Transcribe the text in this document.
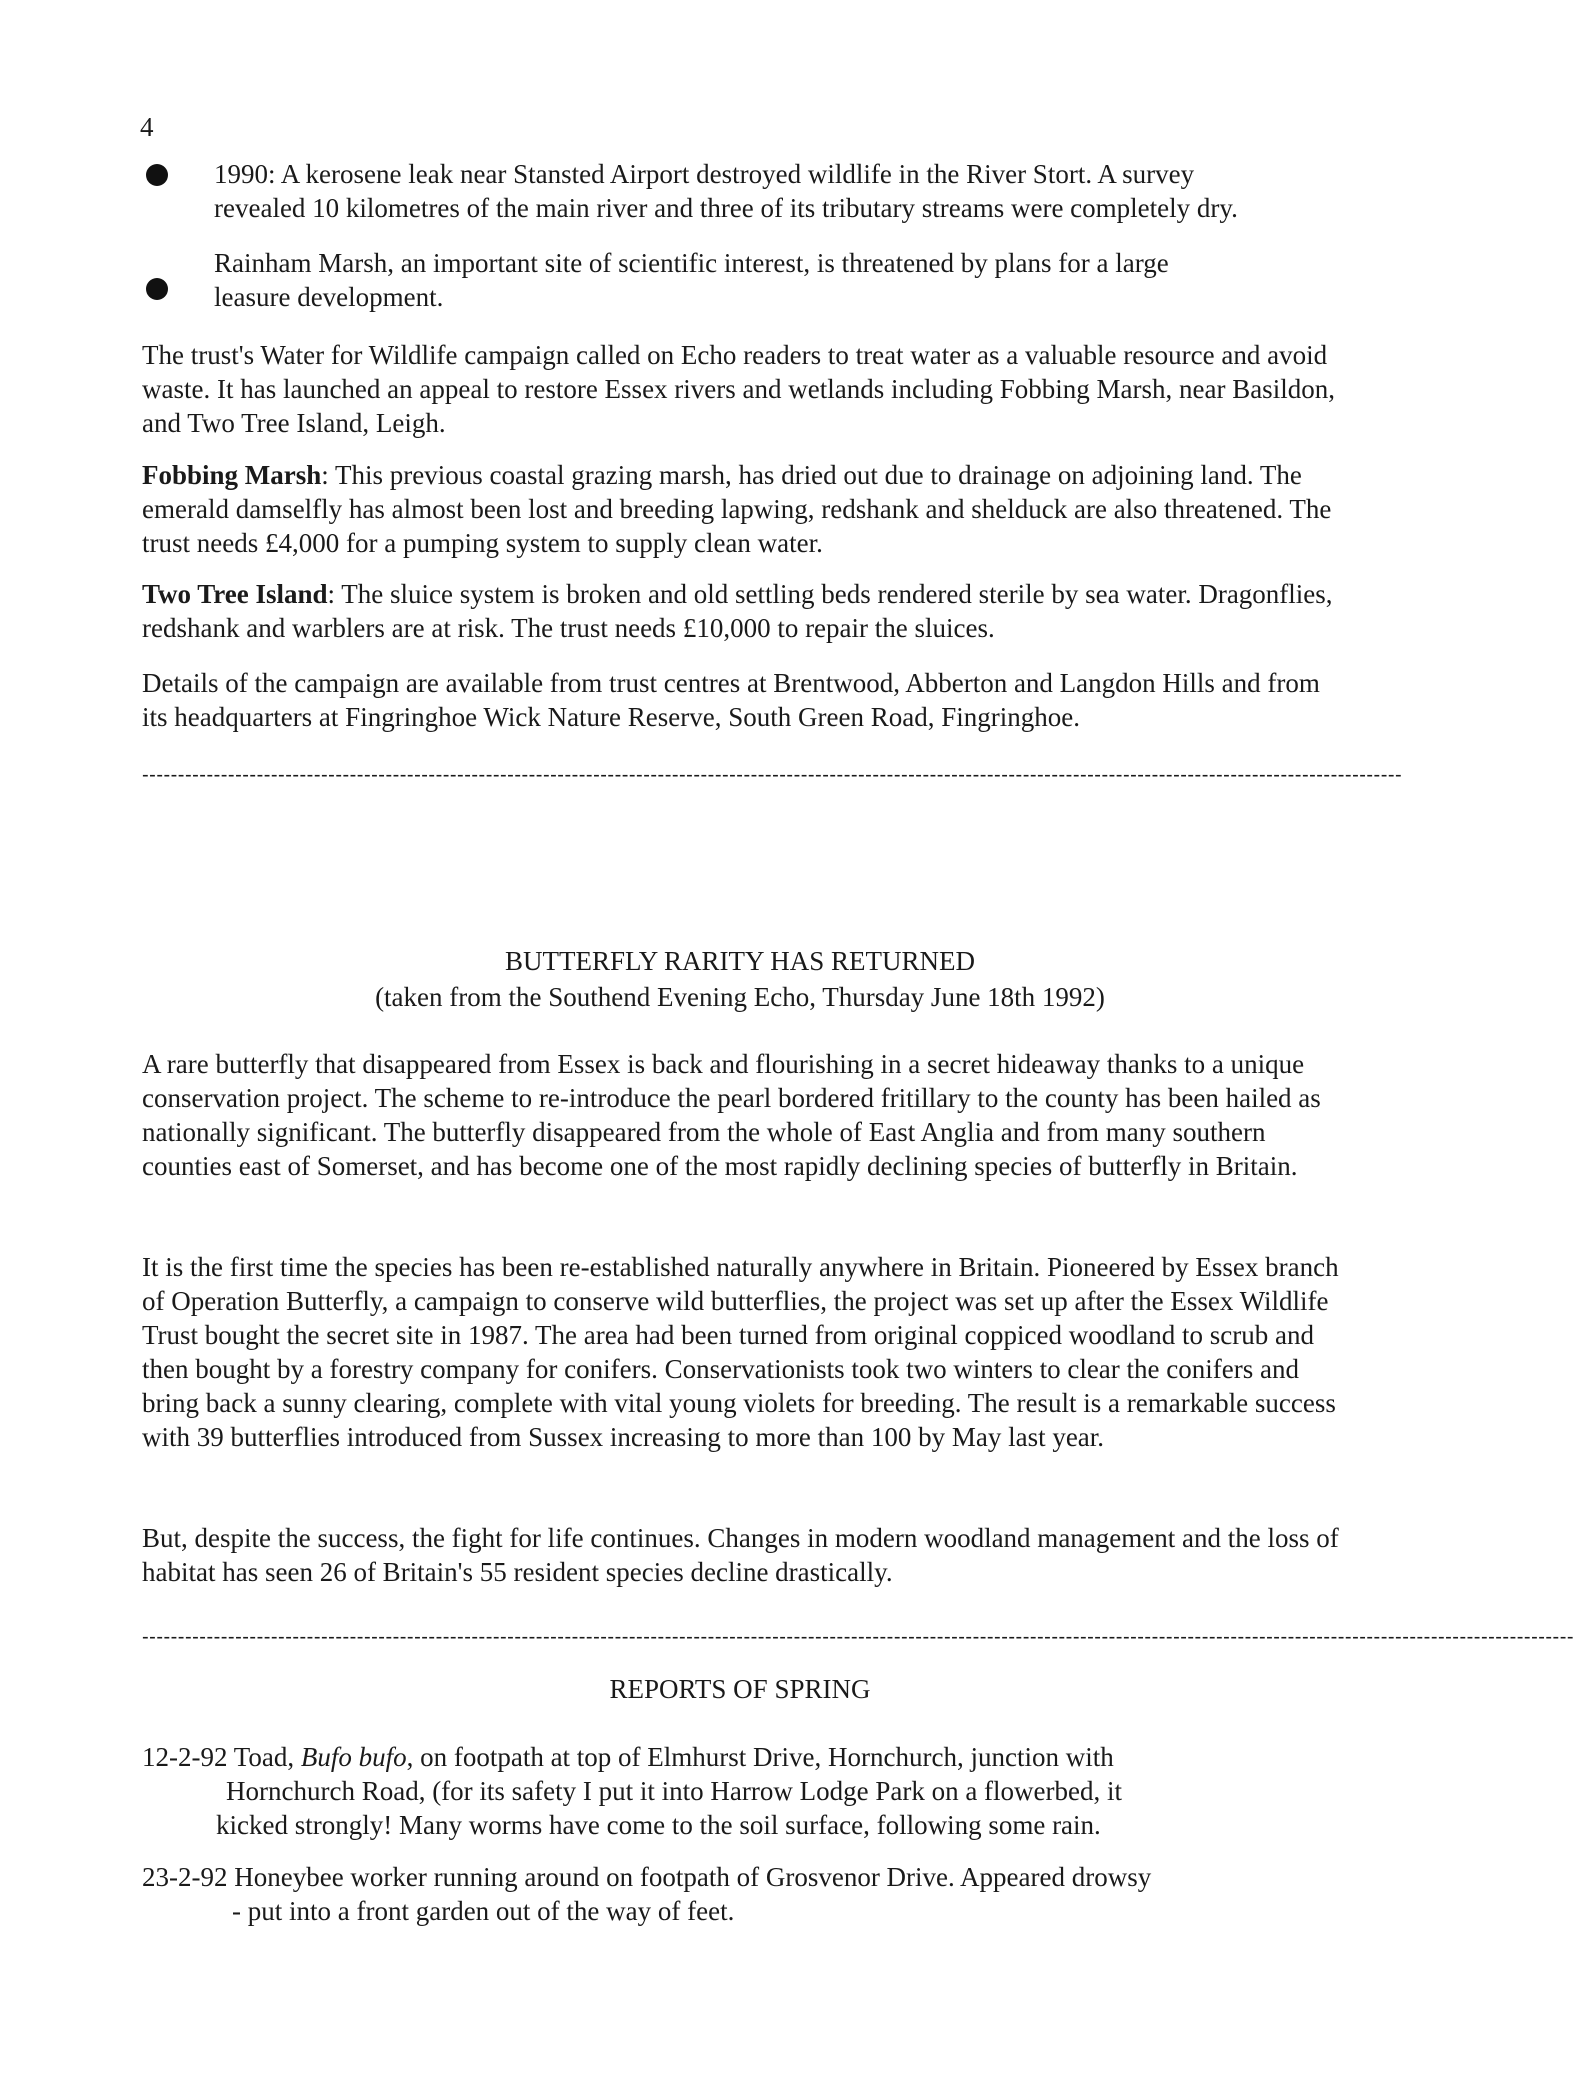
4
1990: A kerosene leak near Stansted Airport destroyed wildlife in the River Stort. A survey
revealed 10 kilometres of the main river and three of its tributary streams were completely dry.
Rainham Marsh, an important site of scientific interest, is threatened by plans for a large
leasure development.
The trust's Water for Wildlife campaign called on Echo readers to treat water as a valuable resource and avoid waste. It has launched an appeal to restore Essex rivers and wetlands including Fobbing Marsh, near Basildon, and Two Tree Island, Leigh.
Fobbing Marsh: This previous coastal grazing marsh, has dried out due to drainage on adjoining land. The emerald damselfly has almost been lost and breeding lapwing, redshank and shelduck are also threatened. The trust needs £4,000 for a pumping system to supply clean water.
Two Tree Island: The sluice system is broken and old settling beds rendered sterile by sea water. Dragonflies, redshank and warblers are at risk. The trust needs £10,000 to repair the sluices.
Details of the campaign are available from trust centres at Brentwood, Abberton and Langdon Hills and from its headquarters at Fingringhoe Wick Nature Reserve, South Green Road, Fingringhoe.
--------------------------------------------------------------------------------------------------------------------------------------------------------------------------------
BUTTERFLY RARITY HAS RETURNED
(taken from the Southend Evening Echo, Thursday June 18th 1992)
A rare butterfly that disappeared from Essex is back and flourishing in a secret hideaway thanks to a unique conservation project. The scheme to re-introduce the pearl bordered fritillary to the county has been hailed as nationally significant. The butterfly disappeared from the whole of East Anglia and from many southern counties east of Somerset, and has become one of the most rapidly declining species of butterfly in Britain.
It is the first time the species has been re-established naturally anywhere in Britain. Pioneered by Essex branch of Operation Butterfly, a campaign to conserve wild butterflies, the project was set up after the Essex Wildlife Trust bought the secret site in 1987. The area had been turned from original coppiced woodland to scrub and then bought by a forestry company for conifers. Conservationists took two winters to clear the conifers and bring back a sunny clearing, complete with vital young violets for breeding. The result is a remarkable success with 39 butterflies introduced from Sussex increasing to more than 100 by May last year.
But, despite the success, the fight for life continues. Changes in modern woodland management and the loss of habitat has seen 26 of Britain's 55 resident species decline drastically.
--------------------------------------------------------------------------------------------------------------------------------------------------------------------------------------------------------
REPORTS OF SPRING
12-2-92 Toad, Bufo bufo, on footpath at top of Elmhurst Drive, Hornchurch, junction with
Hornchurch Road, (for its safety I put it into Harrow Lodge Park on a flowerbed, it
kicked strongly! Many worms have come to the soil surface, following some rain.
23-2-92 Honeybee worker running around on footpath of Grosvenor Drive. Appeared drowsy
- put into a front garden out of the way of feet.
